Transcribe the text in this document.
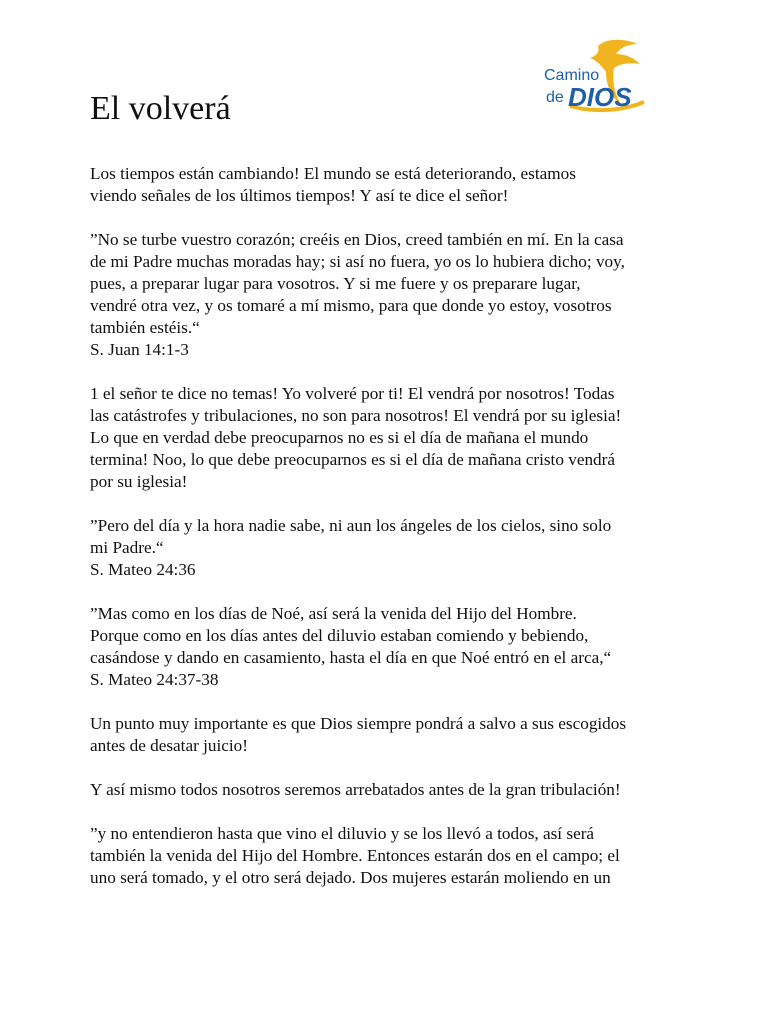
Camino
de DIOS
El volverá

Los tiempos están cambiando! El mundo se está deteriorando, estamos
viendo señales de los últimos tiempos! Y así te dice el señor!

”No se turbe vuestro corazón; creéis en Dios, creed también en mí. En la casa
de mi Padre muchas moradas hay; si así no fuera, yo os lo hubiera dicho; voy,
pues, a preparar lugar para vosotros. Y si me fuere y os preparare lugar,
vendré otra vez, y os tomaré a mí mismo, para que donde yo estoy, vosotros
también estéis.“
S. Juan 14:1-3

1 el señor te dice no temas! Yo volveré por ti! El vendrá por nosotros! Todas
las catástrofes y tribulaciones, no son para nosotros! El vendrá por su iglesia!
Lo que en verdad debe preocuparnos no es si el día de mañana el mundo
termina! Noo, lo que debe preocuparnos es si el día de mañana cristo vendrá
por su iglesia!

”Pero del día y la hora nadie sabe, ni aun los ángeles de los cielos, sino solo
mi Padre.“
S. Mateo 24:36

”Mas como en los días de Noé, así será la venida del Hijo del Hombre.
Porque como en los días antes del diluvio estaban comiendo y bebiendo,
casándose y dando en casamiento, hasta el día en que Noé entró en el arca,“
S. Mateo 24:37-38

Un punto muy importante es que Dios siempre pondrá a salvo a sus escogidos
antes de desatar juicio!

Y así mismo todos nosotros seremos arrebatados antes de la gran tribulación!

”y no entendieron hasta que vino el diluvio y se los llevó a todos, así será
también la venida del Hijo del Hombre. Entonces estarán dos en el campo; el
uno será tomado, y el otro será dejado. Dos mujeres estarán moliendo en un
